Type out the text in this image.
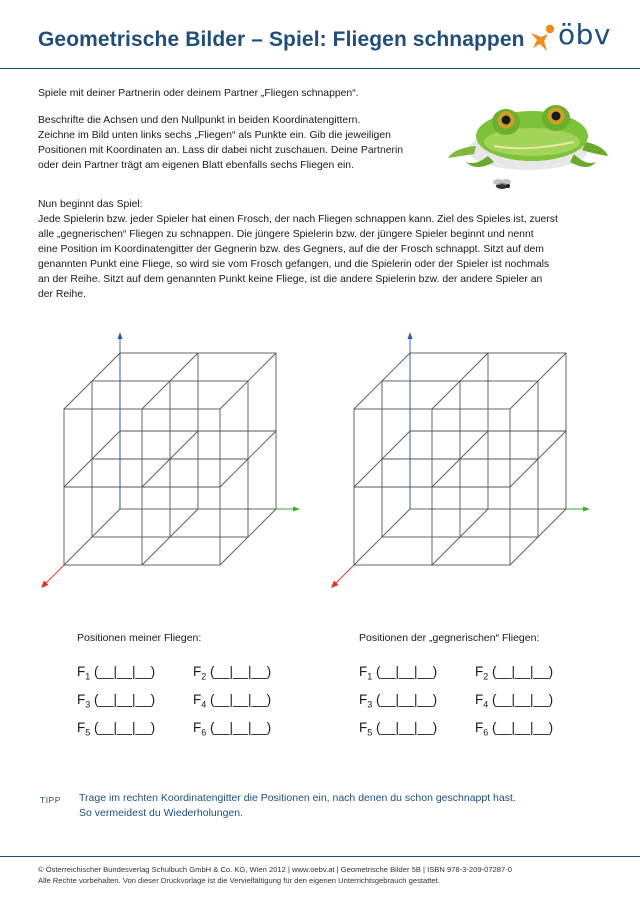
Geometrische Bilder – Spiel: Fliegen schnappen öbv
Spiele mit deiner Partnerin oder deinem Partner „Fliegen schnappen“.
Beschrifte die Achsen und den Nullpunkt in beiden Koordinatengittern.
Zeichne im Bild unten links sechs „Fliegen“ als Punkte ein. Gib die jeweiligen
Positionen mit Koordinaten an. Lass dir dabei nicht zuschauen. Deine Partnerin
oder dein Partner trägt am eigenen Blatt ebenfalls sechs Fliegen ein.
Nun beginnt das Spiel:
Jede Spielerin bzw. jeder Spieler hat einen Frosch, der nach Fliegen schnappen kann. Ziel des Spieles ist, zuerst
alle „gegnerischen“ Fliegen zu schnappen. Die jüngere Spielerin bzw. der jüngere Spieler beginnt und nennt
eine Position im Koordinatengitter der Gegnerin bzw. des Gegners, auf die der Frosch schnappt. Sitzt auf dem
genannten Punkt eine Fliege, so wird sie vom Frosch gefangen, und die Spielerin oder der Spieler ist nochmals
an der Reihe. Sitzt auf dem genannten Punkt keine Fliege, ist die andere Spielerin bzw. der andere Spieler an
der Reihe.
Positionen meiner Fliegen:	Positionen der „gegnerischen“ Fliegen:
$F_1$ (__|__|__)	$F_2$ (__|__|__)
$F_3$ (__|__|__)	$F_4$ (__|__|__)
$F_5$ (__|__|__)	$F_6$ (__|__|__)
$F_1$ (__|__|__)	$F_2$ (__|__|__)
$F_3$ (__|__|__)	$F_4$ (__|__|__)
$F_5$ (__|__|__)	$F_6$ (__|__|__)
TIPP Trage im rechten Koordinatengitter die Positionen ein, nach denen du schon geschnappt hast.
So vermeidest du Wiederholungen.
© Österreichischer Bundesverlag Schulbuch GmbH & Co. KG, Wien 2012 | www.oebv.at | Geometrische Bilder 5B | ISBN 978-3-209-07287-0
Alle Rechte vorbehalten. Von dieser Druckvorlage ist die Vervielfältigung für den eigenen Unterrichtsgebrauch gestattet.
